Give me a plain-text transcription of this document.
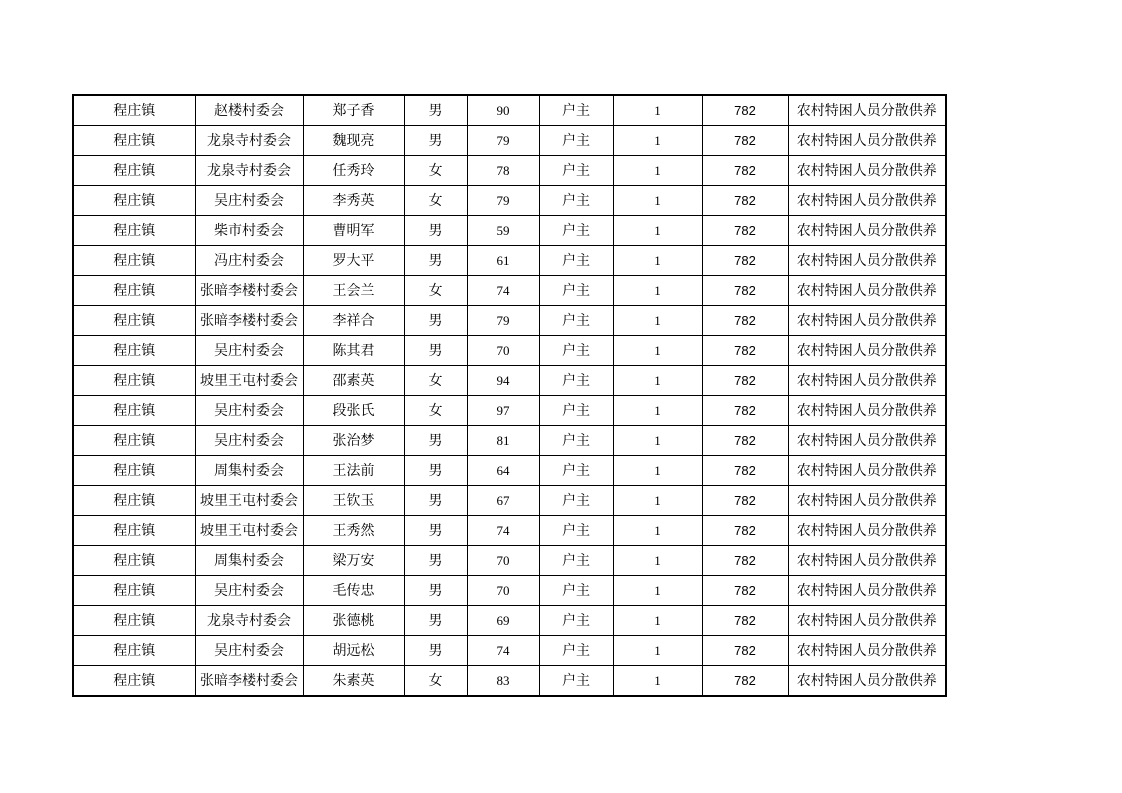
程庄镇	赵楼村委会	郑子香	男	90	户主	1	782	农村特困人员分散供养
程庄镇	龙泉寺村委会	魏现亮	男	79	户主	1	782	农村特困人员分散供养
程庄镇	龙泉寺村委会	任秀玲	女	78	户主	1	782	农村特困人员分散供养
程庄镇	吴庄村委会	李秀英	女	79	户主	1	782	农村特困人员分散供养
程庄镇	柴市村委会	曹明军	男	59	户主	1	782	农村特困人员分散供养
程庄镇	冯庄村委会	罗大平	男	61	户主	1	782	农村特困人员分散供养
程庄镇	张暗李楼村委会	王会兰	女	74	户主	1	782	农村特困人员分散供养
程庄镇	张暗李楼村委会	李祥合	男	79	户主	1	782	农村特困人员分散供养
程庄镇	吴庄村委会	陈其君	男	70	户主	1	782	农村特困人员分散供养
程庄镇	坡里王屯村委会	邵素英	女	94	户主	1	782	农村特困人员分散供养
程庄镇	吴庄村委会	段张氏	女	97	户主	1	782	农村特困人员分散供养
程庄镇	吴庄村委会	张治梦	男	81	户主	1	782	农村特困人员分散供养
程庄镇	周集村委会	王法前	男	64	户主	1	782	农村特困人员分散供养
程庄镇	坡里王屯村委会	王钦玉	男	67	户主	1	782	农村特困人员分散供养
程庄镇	坡里王屯村委会	王秀然	男	74	户主	1	782	农村特困人员分散供养
程庄镇	周集村委会	梁万安	男	70	户主	1	782	农村特困人员分散供养
程庄镇	吴庄村委会	毛传忠	男	70	户主	1	782	农村特困人员分散供养
程庄镇	龙泉寺村委会	张德桃	男	69	户主	1	782	农村特困人员分散供养
程庄镇	吴庄村委会	胡远松	男	74	户主	1	782	农村特困人员分散供养
程庄镇	张暗李楼村委会	朱素英	女	83	户主	1	782	农村特困人员分散供养
